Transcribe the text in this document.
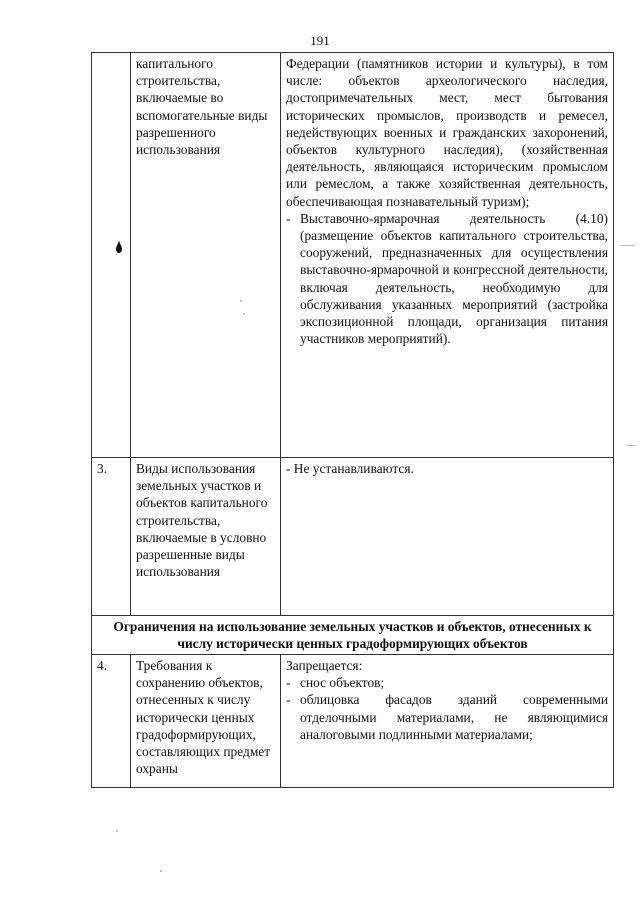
191
	капитального строительства, включаемые во вспомогательные виды разрешенного использования	Федерации (памятников истории и культуры), в том числе: объектов археологического наследия, достопримечательных мест, мест бытования исторических промыслов, производств и ремесел, недействующих военных и гражданских захоронений, объектов культурного наследия), (хозяйственная деятельность, являющаяся историческим промыслом или ремеслом, а также хозяйственная деятельность, обеспечивающая познавательный туризм);
- Выставочно-ярмарочная деятельность (4.10) (размещение объектов капитального строительства, сооружений, предназначенных для осуществления выставочно-ярмарочной и конгрессной деятельности, включая деятельность, необходимую для обслуживания указанных мероприятий (застройка экспозиционной площади, организация питания участников мероприятий).

3.	Виды использования земельных участков и объектов капитального строительства, включаемые в условно разрешенные виды использования	- Не устанавливаются.
Ограничения на использование земельных участков и объектов, отнесенных к числу исторически ценных градоформирующих объектов		
4.	Требования к сохранению объектов, отнесенных к числу исторически ценных градоформирующих, составляющих предмет охраны	Запрещается:
- снос объектов;
- облицовка фасадов зданий современными отделочными материалами, не являющимися аналоговыми подлинными материалами;
